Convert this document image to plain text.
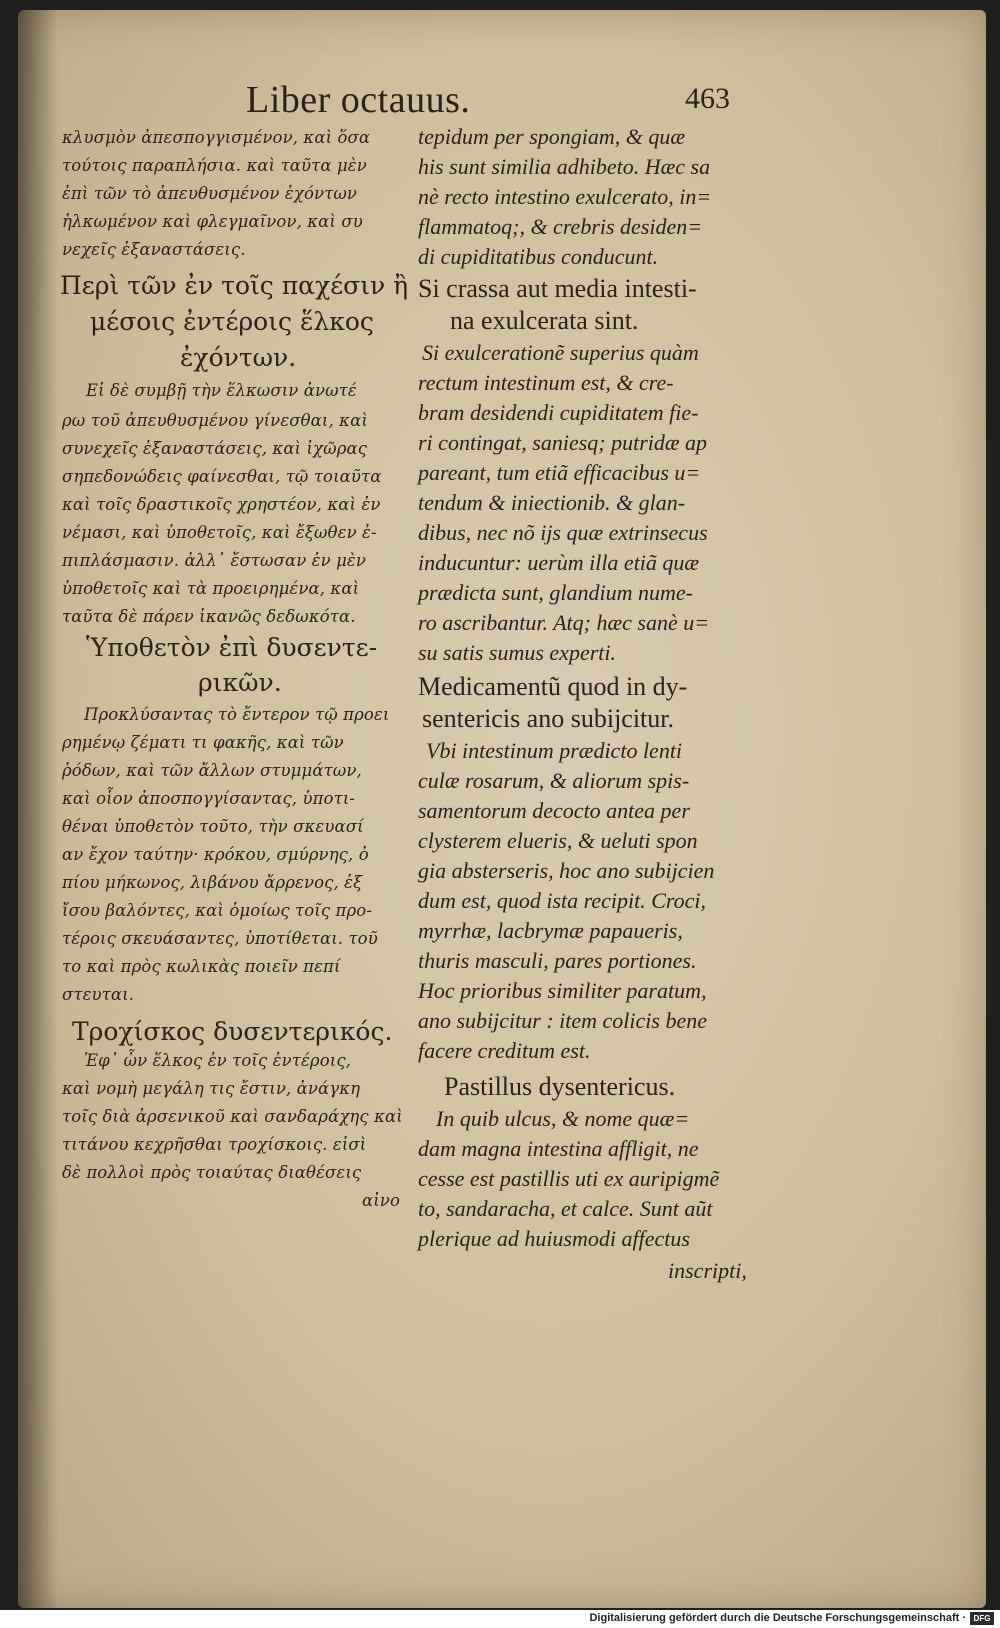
Liber octauus.	463
κλυσμὸν ἀπεσπογγισμένον, καὶ ὅσα
τούτοις παραπλήσια. καὶ ταῦτα μὲν
ἐπὶ τῶν τὸ ἀπευθυσμένον ἐχόντων
ἡλκωμένον καὶ φλεγμαῖνον, καὶ συ
νεχεῖς ἐξαναστάσεις.
Περὶ τῶν ἐν τοῖς παχέσιν ἢ
μέσοις ἐντέροις ἕλκος
ἐχόντων.
Εἰ δὲ συμβῇ τὴν ἕλκωσιν ἀνωτέ
ρω τοῦ ἀπευθυσμένου γίνεσθαι, καὶ
συνεχεῖς ἐξαναστάσεις, καὶ ἰχῶρας
σηπεδονώδεις φαίνεσθαι, τῷ τοιαῦτα
καὶ τοῖς δραστικοῖς χρηστέον, καὶ ἐν
νέμασι, καὶ ὑποθετοῖς, καὶ ἔξωθεν ἐ-
πιπλάσμασιν. ἀλλ᾽ ἔστωσαν ἐν μὲν
ὑποθετοῖς καὶ τὰ προειρημένα, καὶ
ταῦτα δὲ πάρεν ἱκανῶς δεδωκότα.
Ὑποθετὸν ἐπὶ δυσεντε-
ρικῶν.
Προκλύσαντας τὸ ἔντερον τῷ προει
ρημένῳ ζέματι τι φακῆς, καὶ τῶν
ῥόδων, καὶ τῶν ἄλλων στυμμάτων,
καὶ οἷον ἀποσπογγίσαντας, ὑποτι-
θέναι ὑποθετὸν τοῦτο, τὴν σκευασί
αν ἔχον ταύτην· κρόκου, σμύρνης, ὀ
πίου μήκωνος, λιβάνου ἄρρενος, ἐξ
ἴσου βαλόντες, καὶ ὁμοίως τοῖς προ-
τέροις σκευάσαντες, ὑποτίθεται. τοῦ
το καὶ πρὸς κωλικὰς ποιεῖν πεπί
στευται.
Τροχίσκος δυσεντερικός.
Ἐφ᾽ ὧν ἕλκος ἐν τοῖς ἐντέροις,
καὶ νομὴ μεγάλη τις ἔστιν, ἀνάγκη
τοῖς διὰ ἀρσενικοῦ καὶ σανδαράχης καὶ
τιτάνου κεχρῆσθαι τροχίσκοις. εἰσὶ
δὲ πολλοὶ πρὸς τοιαύτας διαθέσεις
αἰνο
tepidum per spongiam, & quæ
his sunt similia adhibeto. Hæc sa
nè recto intestino exulcerato, in=
flammatoq;, & crebris desiden=
di cupiditatibus conducunt.
Si crassa aut media intesti-
na exulcerata sint.
Si exulcerationẽ superius quàm
rectum intestinum est, & cre-
bram desidendi cupiditatem fie-
ri contingat, saniesq; putridæ ap
pareant, tum etiã efficacibus u=
tendum & iniectionib. & glan-
dibus, nec nõ ijs quæ extrinsecus
inducuntur: uerùm illa etiã quæ
prædicta sunt, glandium nume-
ro ascribantur. Atq; hæc sanè u=
su satis sumus experti.
Medicamentũ quod in dy-
sentericis ano subijcitur.
Vbi intestinum prædicto lenti
culæ rosarum, & aliorum spis-
samentorum decocto antea per
clysterem elueris, & ueluti spon
gia absterseris, hoc ano subijcien
dum est, quod ista recipit. Croci,
myrrhæ, lacbrymæ papaueris,
thuris masculi, pares portiones.
Hoc prioribus similiter paratum,
ano subijcitur : item colicis bene
facere creditum est.
Pastillus dysentericus.
In quib ulcus, & nome quæ=
dam magna intestina affligit, ne
cesse est pastillis uti ex auripigmẽ
to, sandaracha, et calce. Sunt aũt
plerique ad huiusmodi affectus
inscripti,
Digitalisierung gefördert durch die Deutsche Forschungsgemeinschaft · DFG
